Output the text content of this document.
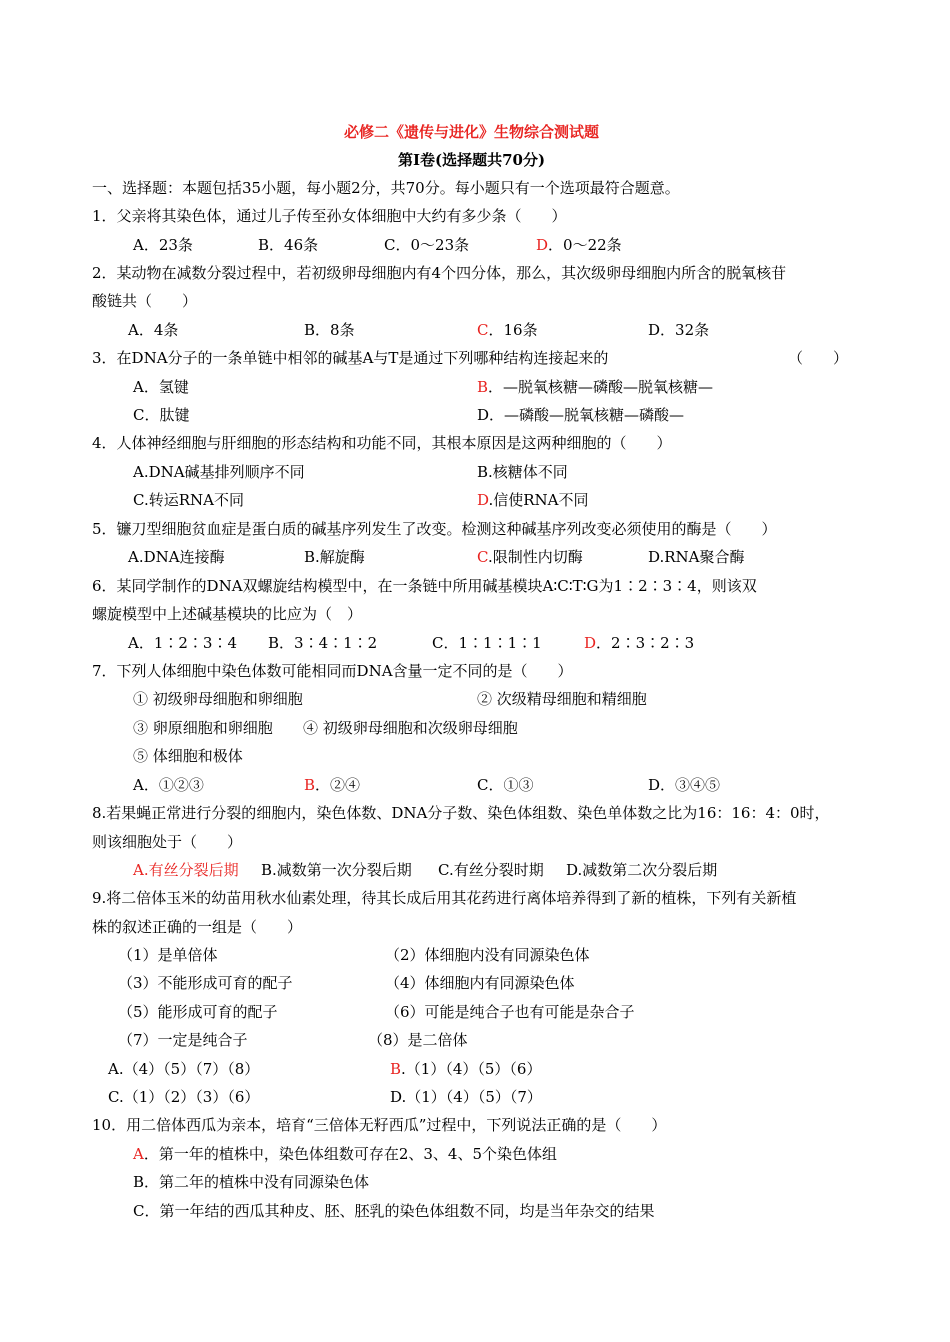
必修二《遗传与进化》生物综合测试题
第Ⅰ卷(选择题共70分)
一、选择题：本题包括35小题，每小题2分，共70分。每小题只有一个选项最符合题意。
1．父亲将其染色体，通过儿子传至孙女体细胞中大约有多少条（　　）
A．23条	B．46条	C．0～23条	D．0～22条
2．某动物在减数分裂过程中，若初级卵母细胞内有4个四分体，那么，其次级卵母细胞内所含的脱氧核苷
酸链共（　　）
A．4条	B．8条	C．16条	D．32条
3．在DNA分子的一条单链中相邻的碱基A与T是通过下列哪种结构连接起来的	（　　）
A．氢键	B．—脱氧核糖—磷酸—脱氧核糖—
C．肽键	D．—磷酸—脱氧核糖—磷酸—
4．人体神经细胞与肝细胞的形态结构和功能不同，其根本原因是这两种细胞的（　　）
A.DNA碱基排列顺序不同	B.核糖体不同
C.转运RNA不同	D.信使RNA不同
5．镰刀型细胞贫血症是蛋白质的碱基序列发生了改变。检测这种碱基序列改变必须使用的酶是（　　）
A.DNA连接酶	B.解旋酶	C.限制性内切酶	D.RNA聚合酶
6．某同学制作的DNA双螺旋结构模型中，在一条链中所用碱基模块A∶C∶T∶G为1∶2∶3∶4，则该双
螺旋模型中上述碱基模块的比应为（　）
A．1∶2∶3∶4 B．3∶4∶1∶2	C．1∶1∶1∶1	D．2∶3∶2∶3
7．下列人体细胞中染色体数可能相同而DNA含量一定不同的是（　　）
① 初级卵母细胞和卵细胞	② 次级精母细胞和精细胞
③ 卵原细胞和卵细胞 ④ 初级卵母细胞和次级卵母细胞
⑤ 体细胞和极体
A．①②③	B．②④	C．①③	D．③④⑤
8.若果蝇正常进行分裂的细胞内，染色体数、DNA分子数、染色体组数、染色单体数之比为16：16：4：0时，
则该细胞处于（　　）
A.有丝分裂后期 B.减数第一次分裂后期 C.有丝分裂时期 D.减数第二次分裂后期
9.将二倍体玉米的幼苗用秋水仙素处理，待其长成后用其花药进行离体培养得到了新的植株，下列有关新植
株的叙述正确的一组是（　　）
（1）是单倍体	（2）体细胞内没有同源染色体
（3）不能形成可育的配子	（4）体细胞内有同源染色体
（5）能形成可育的配子	（6）可能是纯合子也有可能是杂合子
（7）一定是纯合子	（8）是二倍体
A.（4）（5）（7）（8）	B.（1）（4）（5）（6）
C.（1）（2）（3）（6）	D.（1）（4）（5）（7）
10．用二倍体西瓜为亲本，培育“三倍体无籽西瓜”过程中，下列说法正确的是（　　）
A．第一年的植株中，染色体组数可存在2、3、4、5个染色体组
B．第二年的植株中没有同源染色体
C．第一年结的西瓜其种皮、胚、胚乳的染色体组数不同，均是当年杂交的结果
